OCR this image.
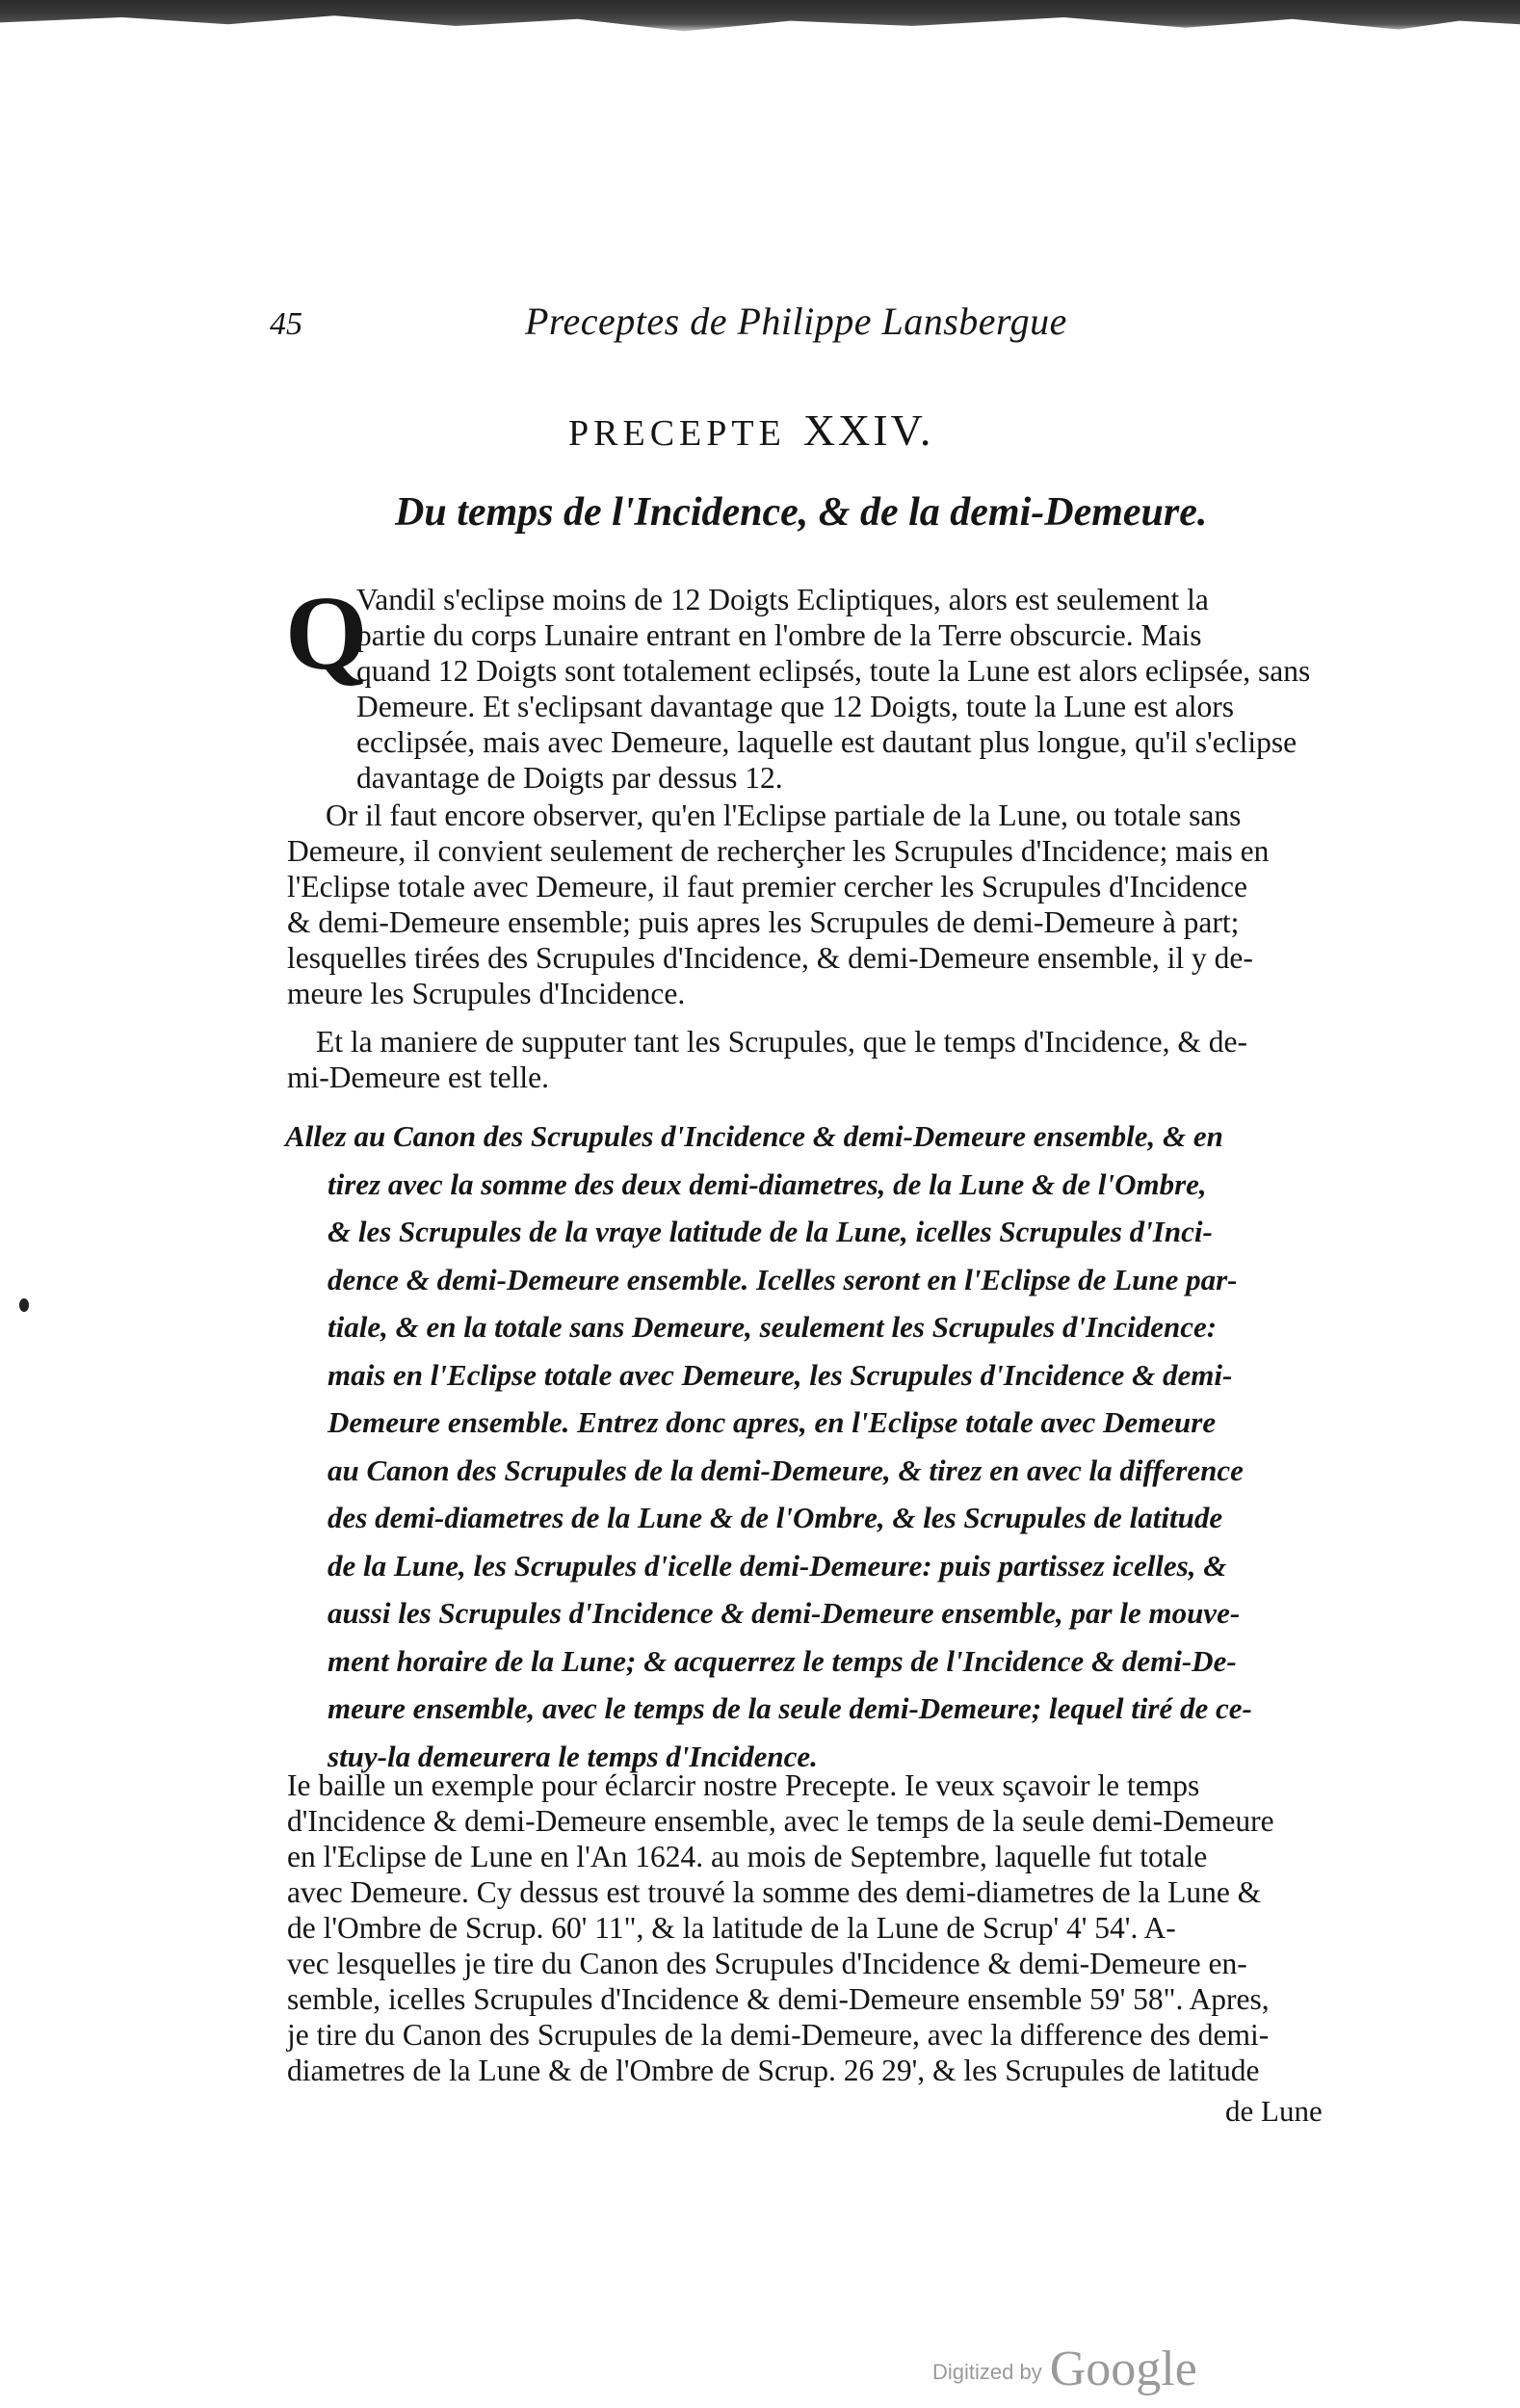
45	Preceptes de Philippe Lansbergue
PRECEPTE XXIV.
Du temps de l'Incidence, & de la demi-Demeure.
Q
Vandil s'eclipse moins de 12 Doigts Ecliptiques, alors est seulement la
partie du corps Lunaire entrant en l'ombre de la Terre obscurcie. Mais
quand 12 Doigts sont totalement eclipsés, toute la Lune est alors eclipsée, sans
Demeure. Et s'eclipsant davantage que 12 Doigts, toute la Lune est alors
ecclipsée, mais avec Demeure, laquelle est dautant plus longue, qu'il s'eclipse
davantage de Doigts par dessus 12.
Or il faut encore observer, qu'en l'Eclipse partiale de la Lune, ou totale sans
Demeure, il convient seulement de recherçher les Scrupules d'Incidence; mais en
l'Eclipse totale avec Demeure, il faut premier cercher les Scrupules d'Incidence
& demi-Demeure ensemble; puis apres les Scrupules de demi-Demeure à part;
lesquelles tirées des Scrupules d'Incidence, & demi-Demeure ensemble, il y de-
meure les Scrupules d'Incidence.
Et la maniere de supputer tant les Scrupules, que le temps d'Incidence, & de-
mi-Demeure est telle.
Allez au Canon des Scrupules d'Incidence & demi-Demeure ensemble, & en
tirez avec la somme des deux demi-diametres, de la Lune & de l'Ombre,
& les Scrupules de la vraye latitude de la Lune, icelles Scrupules d'Inci-
dence & demi-Demeure ensemble. Icelles seront en l'Eclipse de Lune par-
tiale, & en la totale sans Demeure, seulement les Scrupules d'Incidence:
mais en l'Eclipse totale avec Demeure, les Scrupules d'Incidence & demi-
Demeure ensemble. Entrez donc apres, en l'Eclipse totale avec Demeure
au Canon des Scrupules de la demi-Demeure, & tirez en avec la difference
des demi-diametres de la Lune & de l'Ombre, & les Scrupules de latitude
de la Lune, les Scrupules d'icelle demi-Demeure: puis partissez icelles, &
aussi les Scrupules d'Incidence & demi-Demeure ensemble, par le mouve-
ment horaire de la Lune; & acquerrez le temps de l'Incidence & demi-De-
meure ensemble, avec le temps de la seule demi-Demeure; lequel tiré de ce-
stuy-la demeurera le temps d'Incidence.
Ie baille un exemple pour éclarcir nostre Precepte. Ie veux sçavoir le temps
d'Incidence & demi-Demeure ensemble, avec le temps de la seule demi-Demeure
en l'Eclipse de Lune en l'An 1624. au mois de Septembre, laquelle fut totale
avec Demeure. Cy dessus est trouvé la somme des demi-diametres de la Lune &
de l'Ombre de Scrup. 60' 11", & la latitude de la Lune de Scrup' 4' 54'. A-
vec lesquelles je tire du Canon des Scrupules d'Incidence & demi-Demeure en-
semble, icelles Scrupules d'Incidence & demi-Demeure ensemble 59' 58". Apres,
je tire du Canon des Scrupules de la demi-Demeure, avec la difference des demi-
diametres de la Lune & de l'Ombre de Scrup. 26 29', & les Scrupules de latitude
de Lune
Digitized by Google
